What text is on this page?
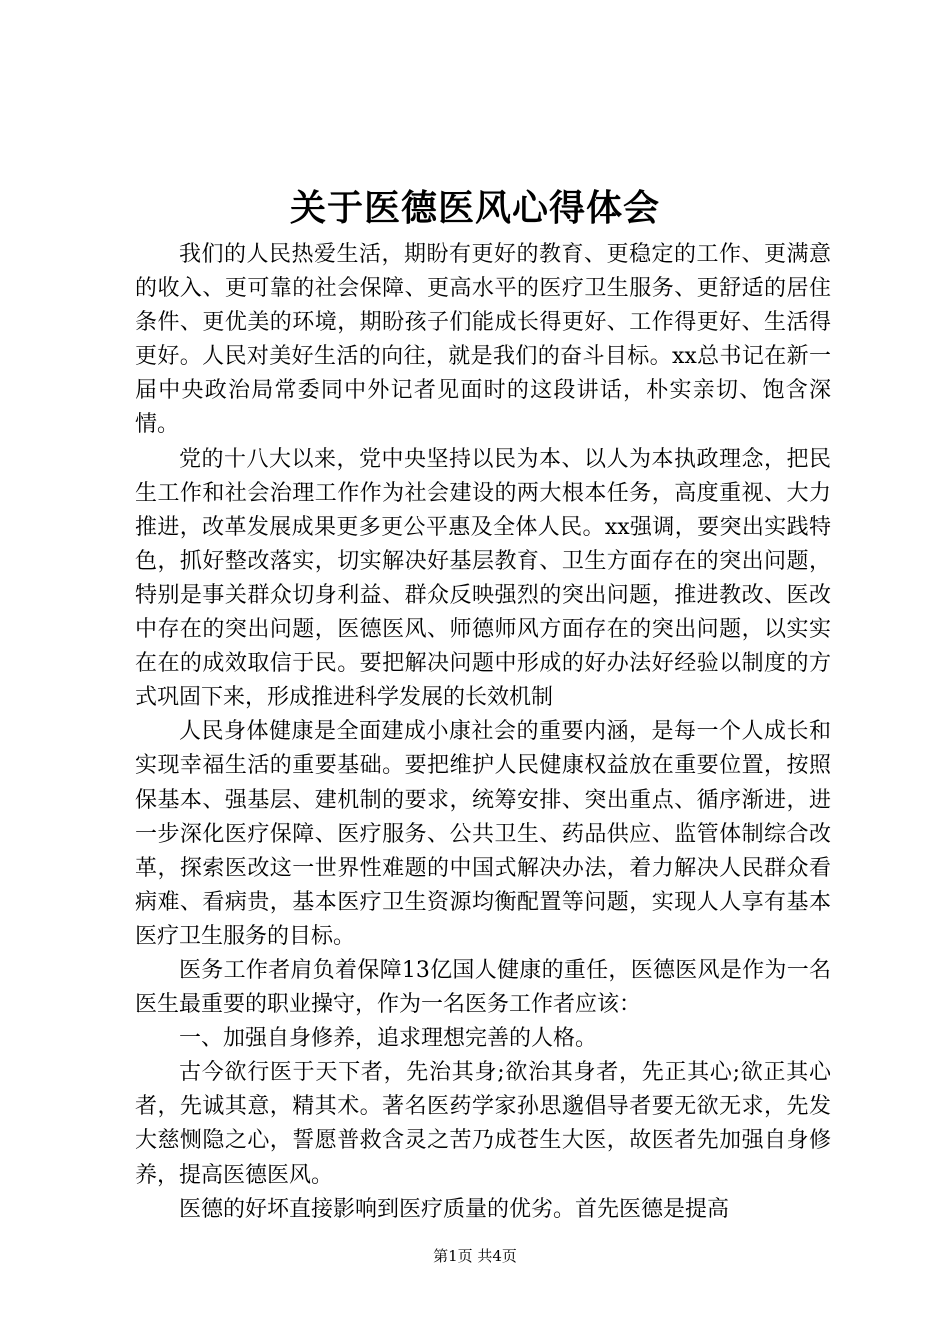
关于医德医风心得体会

我们的人民热爱生活，期盼有更好的教育、更稳定的工作、更满意的收入、更可靠的社会保障、更高水平的医疗卫生服务、更舒适的居住条件、更优美的环境，期盼孩子们能成长得更好、工作得更好、生活得更好。人民对美好生活的向往，就是我们的奋斗目标。xx总书记在新一届中央政治局常委同中外记者见面时的这段讲话，朴实亲切、饱含深情。

党的十八大以来，党中央坚持以民为本、以人为本执政理念，把民生工作和社会治理工作作为社会建设的两大根本任务，高度重视、大力推进，改革发展成果更多更公平惠及全体人民。xx强调，要突出实践特色，抓好整改落实，切实解决好基层教育、卫生方面存在的突出问题，特别是事关群众切身利益、群众反映强烈的突出问题，推进教改、医改中存在的突出问题，医德医风、师德师风方面存在的突出问题，以实实在在的成效取信于民。要把解决问题中形成的好办法好经验以制度的方式巩固下来，形成推进科学发展的长效机制

人民身体健康是全面建成小康社会的重要内涵，是每一个人成长和实现幸福生活的重要基础。要把维护人民健康权益放在重要位置，按照保基本、强基层、建机制的要求，统筹安排、突出重点、循序渐进，进一步深化医疗保障、医疗服务、公共卫生、药品供应、监管体制综合改革，探索医改这一世界性难题的中国式解决办法，着力解决人民群众看病难、看病贵，基本医疗卫生资源均衡配置等问题，实现人人享有基本医疗卫生服务的目标。

医务工作者肩负着保障13亿国人健康的重任，医德医风是作为一名医生最重要的职业操守，作为一名医务工作者应该：

一、加强自身修养，追求理想完善的人格。

古今欲行医于天下者，先治其身;欲治其身者，先正其心;欲正其心者，先诚其意，精其术。著名医药学家孙思邈倡导者要无欲无求，先发大慈恻隐之心，誓愿普救含灵之苦乃成苍生大医，故医者先加强自身修养，提高医德医风。

医德的好坏直接影响到医疗质量的优劣。首先医德是提高

第1页 共4页
